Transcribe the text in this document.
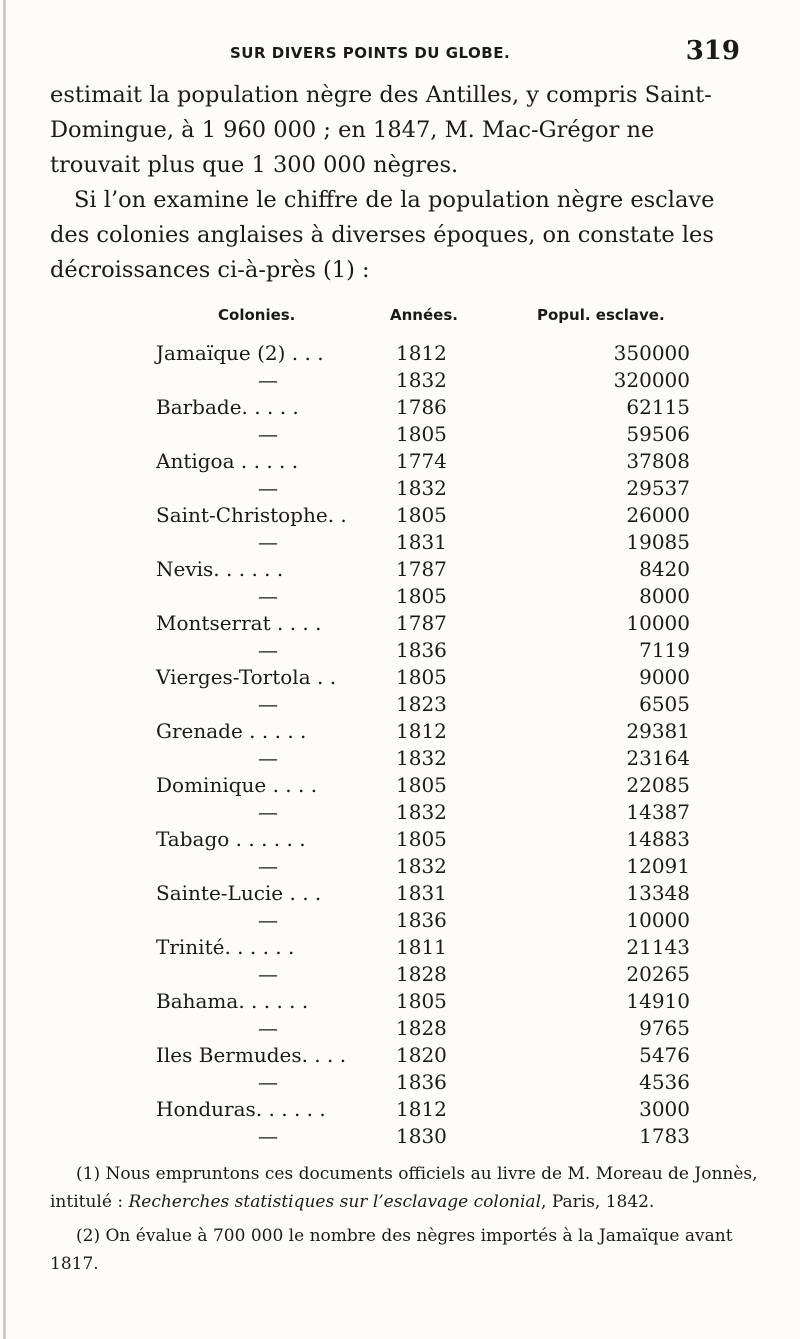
SUR DIVERS POINTS DU GLOBE.	319
estimait la population nègre des Antilles, y compris Saint-Domingue, à 1 960 000 ; en 1847, M. Mac-Grégor ne trouvait plus que 1 300 000 nègres.
Si l’on examine le chiffre de la population nègre esclave des colonies anglaises à diverses époques, on constate les décroissances ci-à-près (1) :
Colonies.	Années.	Popul. esclave.
Jamaïque (2) . . .	1812	350000
—	1832	320000
Barbade. . . . .	1786	62115
—	1805	59506
Antigoa . . . . .	1774	37808
—	1832	29537
Saint-Christophe. . 1805	26000
—	1831	19085
Nevis. . . . . .	1787	8420
—	1805	8000
Montserrat . . . .	1787	10000
—	1836	7119
Vierges-Tortola . .	1805	9000
—	1823	6505
Grenade . . . . .	1812	29381
—	1832	23164
Dominique . . . .	1805	22085
—	1832	14387
Tabago . . . . . .	1805	14883
—	1832	12091
Sainte-Lucie . . .	1831	13348
—	1836	10000
Trinité. . . . . .	1811	21143
—	1828	20265
Bahama. . . . . .	1805	14910
—	1828	9765
Iles Bermudes. . . . 1820	5476
—	1836	4536
Honduras. . . . . .	1812	3000
—	1830	1783
(1) Nous empruntons ces documents officiels au livre de M. Moreau de Jonnès, intitulé : Recherches statistiques sur l’esclavage colonial, Paris, 1842.
(2) On évalue à 700 000 le nombre des nègres importés à la Jamaïque avant 1817.
